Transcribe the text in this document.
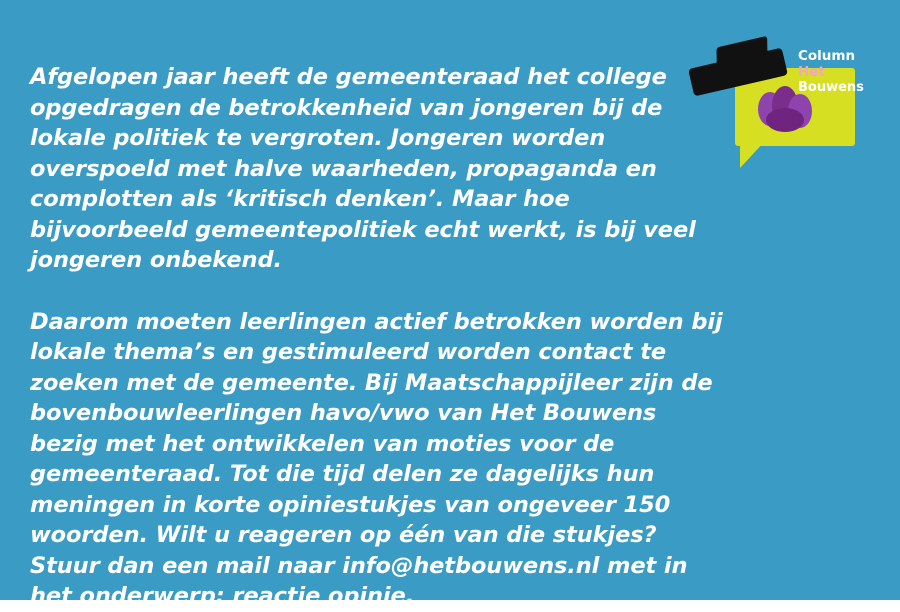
Afgelopen jaar heeft de gemeenteraad het college opgedragen de betrokkenheid van jongeren bij de lokale politiek te vergroten. Jongeren worden overspoeld met halve waarheden, propaganda en complotten als ‘kritisch denken’. Maar hoe bijvoorbeeld gemeentepolitiek echt werkt, is bij veel jongeren onbekend.

Daarom moeten leerlingen actief betrokken worden bij lokale thema’s en gestimuleerd worden contact te zoeken met de gemeente. Bij Maatschappijleer zijn de bovenbouwleerlingen havo/vwo van Het Bouwens bezig met het ontwikkelen van moties voor de gemeenteraad. Tot die tijd delen ze dagelijks hun meningen in korte opiniestukjes van ongeveer 150 woorden. Wilt u reageren op één van die stukjes? Stuur dan een mail naar info@hetbouwens.nl met in het onderwerp: reactie opinie.

Column
Het
Bouwens
